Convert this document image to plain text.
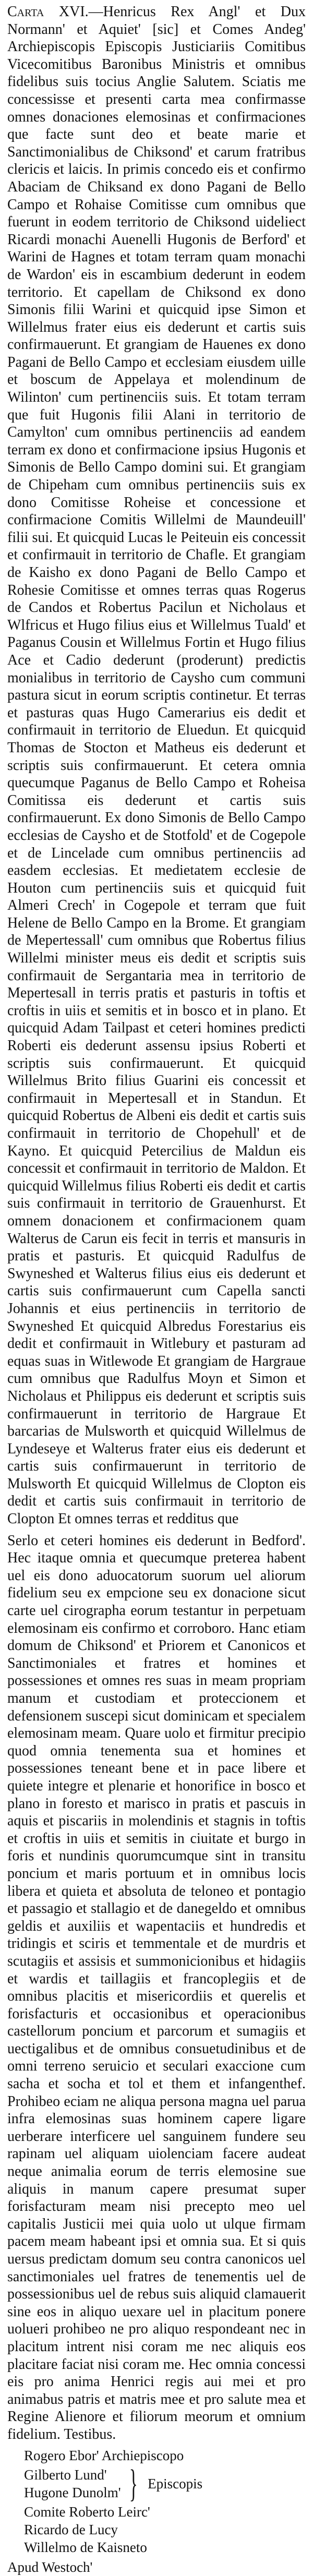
Carta XVI.—Henricus Rex Angl' et Dux Normann' et Aquiet' [sic] et Comes Andeg' Archiepiscopis Episcopis Justiciariis Comitibus Vicecomitibus Baronibus Ministris et omnibus fidelibus suis tocius Anglie Salutem. Sciatis me concessisse et presenti carta mea confirmasse omnes donaciones elemosinas et confirmaciones que facte sunt deo et beate marie et Sanctimonialibus de Chiksond' et carum fratribus clericis et laicis. In primis concedo eis et confirmo Abaciam de Chiksand ex dono Pagani de Bello Campo et Rohaise Comitisse cum omnibus que fuerunt in eodem territorio de Chiksond uideliect Ricardi monachi Auenelli Hugonis de Berford' et Warini de Hagnes et totam terram quam monachi de Wardon' eis in escambium dederunt in eodem territorio. Et capellam de Chiksond ex dono Simonis filii Warini et quicquid ipse Simon et Willelmus frater eius eis dederunt et cartis suis confirmauerunt. Et grangiam de Hauenes ex dono Pagani de Bello Campo et ecclesiam eiusdem uille et boscum de Appelaya et molendinum de Wilinton' cum pertinenciis suis. Et totam terram que fuit Hugonis filii Alani in territorio de Camylton' cum omnibus pertinenciis ad eandem terram ex dono et confirmacione ipsius Hugonis et Simonis de Bello Campo domini sui. Et grangiam de Chipeham cum omnibus pertinenciis suis ex dono Comitisse Roheise et concessione et confirmacione Comitis Willelmi de Maundeuill' filii sui. Et quicquid Lucas le Peiteuin eis concessit et confirmauit in territorio de Chafle. Et grangiam de Kaisho ex dono Pagani de Bello Campo et Rohesie Comitisse et omnes terras quas Rogerus de Candos et Robertus Pacilun et Nicholaus et Wlfricus et Hugo filius eius et Willelmus Tuald' et Paganus Cousin et Willelmus Fortin et Hugo filius Ace et Cadio dederunt (proderunt) predictis monialibus in territorio de Caysho cum communi pastura sicut in eorum scriptis continetur. Et terras et pasturas quas Hugo Camerarius eis dedit et confirmauit in territorio de Eluedun. Et quicquid Thomas de Stocton et Matheus eis dederunt et scriptis suis confirmauerunt. Et cetera omnia quecumque Paganus de Bello Campo et Roheisa Comitissa eis dederunt et cartis suis confirmauerunt. Ex dono Simonis de Bello Campo ecclesias de Caysho et de Stotfold' et de Cogepole et de Lincelade cum omnibus pertinenciis ad easdem ecclesias. Et medietatem ecclesie de Houton cum pertinenciis suis et quicquid fuit Almeri Crech' in Cogepole et terram que fuit Helene de Bello Campo en la Brome. Et grangiam de Mepertessall' cum omnibus que Robertus filius Willelmi minister meus eis dedit et scriptis suis confirmauit de Sergantaria mea in territorio de Mepertesall in terris pratis et pasturis in toftis et croftis in uiis et semitis et in bosco et in plano. Et quicquid Adam Tailpast et ceteri homines predicti Roberti eis dederunt assensu ipsius Roberti et scriptis suis confirmauerunt. Et quicquid Willelmus Brito filius Guarini eis concessit et confirmauit in Mepertesall et in Standun. Et quicquid Robertus de Albeni eis dedit et cartis suis confirmauit in territorio de Chopehull' et de Kayno. Et quicquid Petercilius de Maldun eis concessit et confirmauit in territorio de Maldon. Et quicquid Willelmus filius Roberti eis dedit et cartis suis confirmauit in territorio de Grauenhurst. Et omnem donacionem et confirmacionem quam Walterus de Carun eis fecit in terris et mansuris in pratis et pasturis. Et quicquid Radulfus de Swyneshed et Walterus filius eius eis dederunt et cartis suis confirmauerunt cum Capella sancti Johannis et eius pertinenciis in territorio de Swyneshed Et quicquid Albredus Forestarius eis dedit et confirmauit in Witlebury et pasturam ad equas suas in Witlewode Et grangiam de Hargraue cum omnibus que Radulfus Moyn et Simon et Nicholaus et Philippus eis dederunt et scriptis suis confirmauerunt in territorio de Hargraue Et barcarias de Mulsworth et quicquid Willelmus de Lyndeseye et Walterus frater eius eis dederunt et cartis suis confirmauerunt in territorio de Mulsworth Et quicquid Willelmus de Clopton eis dedit et cartis suis confirmauit in territorio de Clopton Et omnes terras et redditus que

Serlo et ceteri homines eis dederunt in Bedford'. Hec itaque omnia et quecumque preterea habent uel eis dono aduocatorum suorum uel aliorum fidelium seu ex empcione seu ex donacione sicut carte uel cirographa eorum testantur in perpetuam elemosinam eis confirmo et corroboro. Hanc etiam domum de Chiksond' et Priorem et Canonicos et Sanctimoniales et fratres et homines et possessiones et omnes res suas in meam propriam manum et custodiam et proteccionem et defensionem suscepi sicut dominicam et specialem elemosinam meam. Quare uolo et firmitur precipio quod omnia tenementa sua et homines et possessiones teneant bene et in pace libere et quiete integre et plenarie et honorifice in bosco et plano in foresto et marisco in pratis et pascuis in aquis et piscariis in molendinis et stagnis in toftis et croftis in uiis et semitis in ciuitate et burgo in foris et nundinis quorumcumque sint in transitu poncium et maris portuum et in omnibus locis libera et quieta et absoluta de teloneo et pontagio et passagio et stallagio et de danegeldo et omnibus geldis et auxiliis et wapentaciis et hundredis et tridingis et sciris et temmentale et de murdris et scutagiis et assisis et summonicionibus et hidagiis et wardis et taillagiis et francoplegiis et de omnibus placitis et misericordiis et querelis et forisfacturis et occasionibus et operacionibus castellorum poncium et parcorum et sumagiis et uectigalibus et de omnibus consuetudinibus et de omni terreno seruicio et seculari exaccione cum sacha et socha et tol et them et infangenthef. Prohibeo eciam ne aliqua persona magna uel parua infra elemosinas suas hominem capere ligare uerberare interficere uel sanguinem fundere seu rapinam uel aliquam uiolenciam facere audeat neque animalia eorum de terris elemosine sue aliquis in manum capere presumat super forisfacturam meam nisi precepto meo uel capitalis Justicii mei quia uolo ut ulque firmam pacem meam habeant ipsi et omnia sua. Et si quis uersus predictam domum seu contra canonicos uel sanctimoniales uel fratres de tenementis uel de possessionibus uel de rebus suis aliquid clamauerit sine eos in aliquo uexare uel in placitum ponere uolueri prohibeo ne pro aliquo respondeant nec in placitum intrent nisi coram me nec aliquis eos placitare faciat nisi coram me. Hec omnia concessi eis pro anima Henrici regis aui mei et pro animabus patris et matris mee et pro salute mea et Regine Alienore et filiorum meorum et omnium fidelium. Testibus.

Rogero Ebor' Archiepiscopo
Gilberto Lund'
Hugone Dunolm' } Episcopis
Comite Roberto Leirc'
Ricardo de Lucy
Willelmo de Kaisneto

Apud Westoch'
